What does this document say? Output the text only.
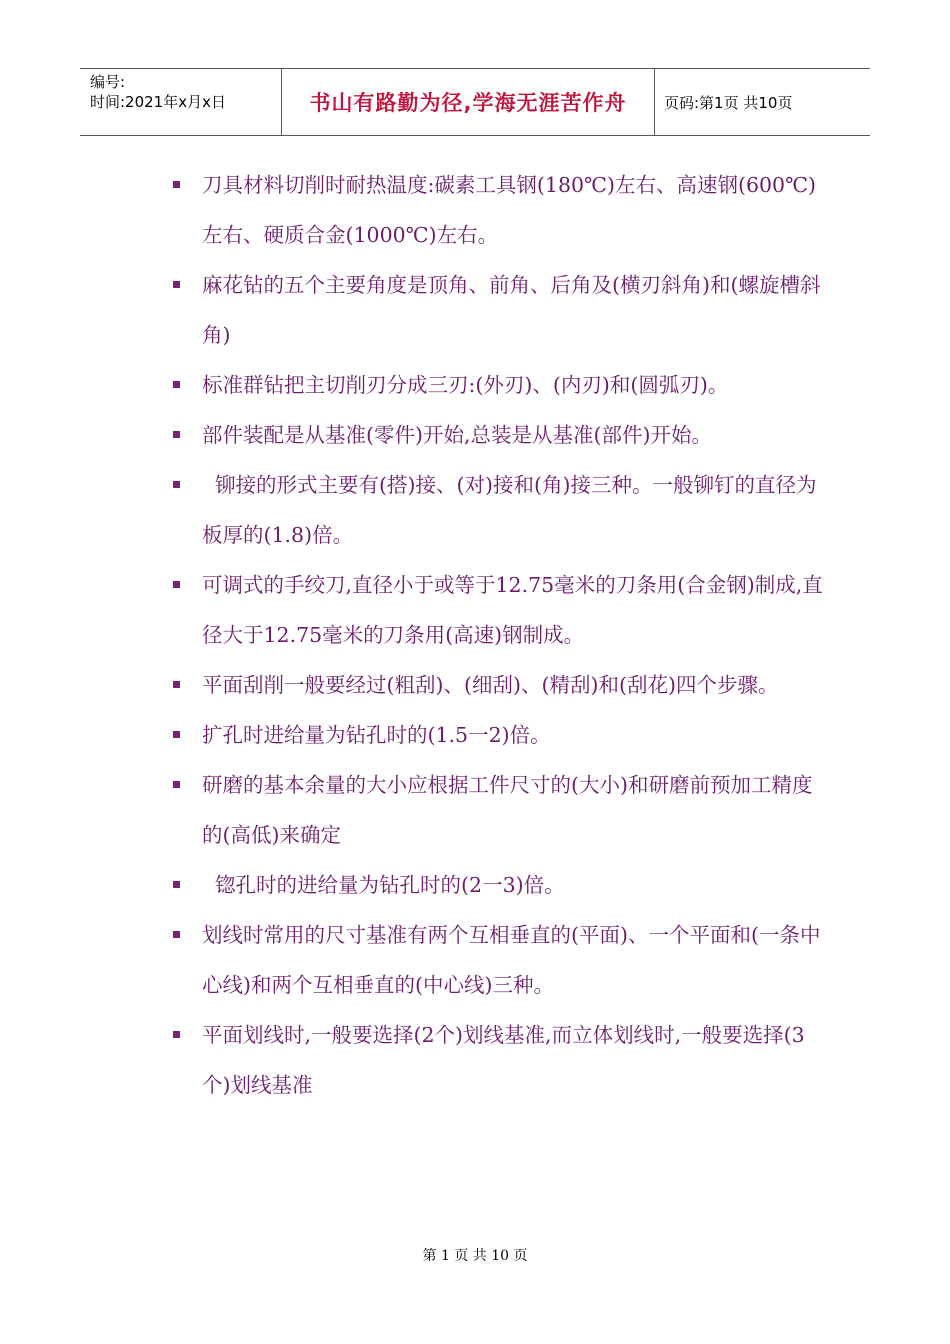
编号:
时间:2021年x月x日	书山有路勤为径,学海无涯苦作舟	页码:第1页 共10页
刀具材料切削时耐热温度:碳素工具钢(180℃)左右、高速钢(600℃)左右、硬质合金(1000℃)左右。
麻花钻的五个主要角度是顶角、前角、后角及(横刃斜角)和(螺旋槽斜角)
标准群钻把主切削刃分成三刃:(外刃)、(内刃)和(圆弧刃)。
部件装配是从基准(零件)开始,总装是从基准(部件)开始。
铆接的形式主要有(搭)接、(对)接和(角)接三种。一般铆钉的直径为板厚的(1.8)倍。
可调式的手绞刀,直径小于或等于12.75毫米的刀条用(合金钢)制成,直径大于12.75毫米的刀条用(高速)钢制成。
平面刮削一般要经过(粗刮)、(细刮)、(精刮)和(刮花)四个步骤。
扩孔时进给量为钻孔时的(1.5一2)倍。
研磨的基本余量的大小应根据工件尺寸的(大小)和研磨前预加工精度的(高低)来确定
锪孔时的进给量为钻孔时的(2一3)倍。
划线时常用的尺寸基准有两个互相垂直的(平面)、一个平面和(一条中心线)和两个互相垂直的(中心线)三种。
平面划线时,一般要选择(2个)划线基准,而立体划线时,一般要选择(3个)划线基准
第 1 页 共 10 页
